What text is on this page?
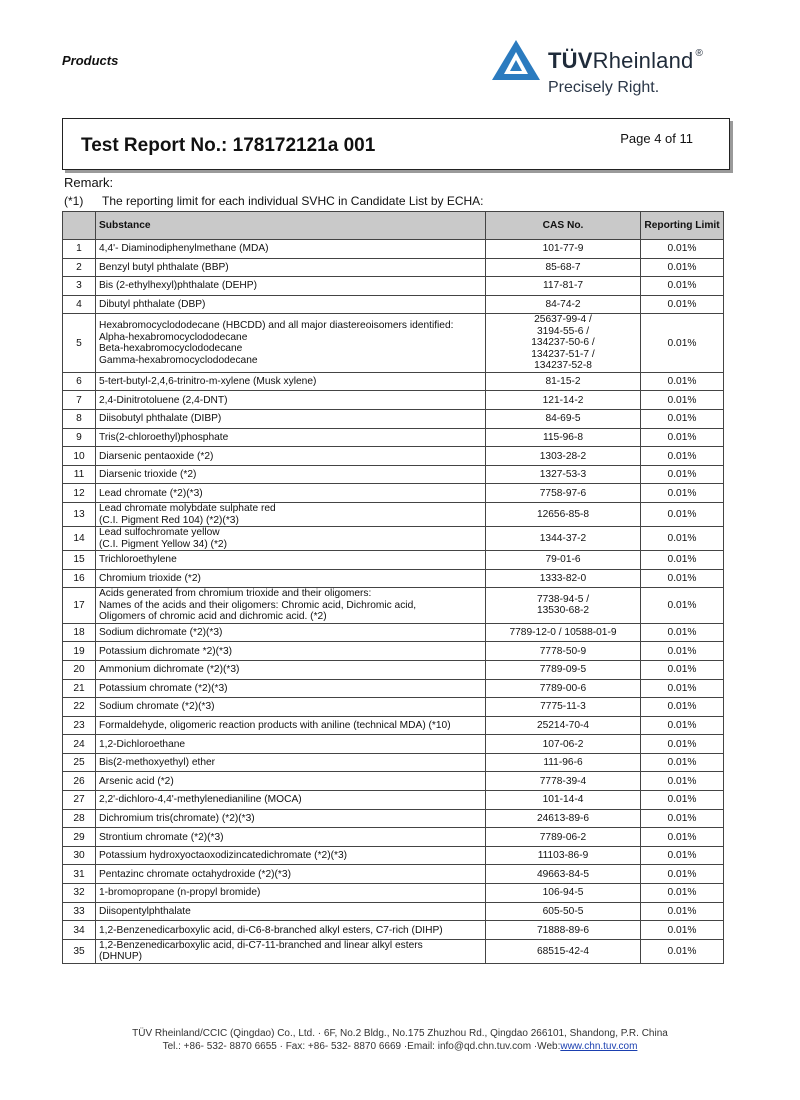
Products	TÜVRheinland ®
Precisely Right.
Test Report No.: 178172121a 001	Page 4 of 11
Remark:
(*1) The reporting limit for each individual SVHC in Candidate List by ECHA:
	Substance	CAS No.	Reporting Limit
1	4,4'- Diaminodiphenylmethane (MDA)	101-77-9	0.01%
2	Benzyl butyl phthalate (BBP)	85-68-7	0.01%
3	Bis (2-ethylhexyl)phthalate (DEHP)	117-81-7	0.01%
4	Dibutyl phthalate (DBP)	84-74-2	0.01%
5	Hexabromocyclododecane (HBCDD) and all major diastereoisomers identified:
Alpha-hexabromocyclododecane
Beta-hexabromocyclododecane
Gamma-hexabromocyclododecane	25637-99-4 /
3194-55-6 /
134237-50-6 /
134237-51-7 /
134237-52-8	0.01%
6	5-tert-butyl-2,4,6-trinitro-m-xylene (Musk xylene)	81-15-2	0.01%
7	2,4-Dinitrotoluene (2,4-DNT)	121-14-2	0.01%
8	Diisobutyl phthalate (DIBP)	84-69-5	0.01%
9	Tris(2-chloroethyl)phosphate	115-96-8	0.01%
10	Diarsenic pentaoxide (*2)	1303-28-2	0.01%
11	Diarsenic trioxide (*2)	1327-53-3	0.01%
12	Lead chromate (*2)(*3)	7758-97-6	0.01%
13	Lead chromate molybdate sulphate red
(C.I. Pigment Red 104) (*2)(*3)	12656-85-8	0.01%
14	Lead sulfochromate yellow
(C.I. Pigment Yellow 34) (*2)	1344-37-2	0.01%
15	Trichloroethylene	79-01-6	0.01%
16	Chromium trioxide (*2)	1333-82-0	0.01%
17	Acids generated from chromium trioxide and their oligomers:
Names of the acids and their oligomers: Chromic acid, Dichromic acid,
Oligomers of chromic acid and dichromic acid. (*2)	7738-94-5 /
13530-68-2	0.01%
18	Sodium dichromate (*2)(*3)	7789-12-0 / 10588-01-9	0.01%
19	Potassium dichromate *2)(*3)	7778-50-9	0.01%
20	Ammonium dichromate (*2)(*3)	7789-09-5	0.01%
21	Potassium chromate (*2)(*3)	7789-00-6	0.01%
22	Sodium chromate (*2)(*3)	7775-11-3	0.01%
23	Formaldehyde, oligomeric reaction products with aniline (technical MDA) (*10)	25214-70-4	0.01%
24	1,2-Dichloroethane	107-06-2	0.01%
25	Bis(2-methoxyethyl) ether	111-96-6	0.01%
26	Arsenic acid (*2)	7778-39-4	0.01%
27	2,2'-dichloro-4,4'-methylenedianiline (MOCA)	101-14-4	0.01%
28	Dichromium tris(chromate) (*2)(*3)	24613-89-6	0.01%
29	Strontium chromate (*2)(*3)	7789-06-2	0.01%
30	Potassium hydroxyoctaoxodizincatedichromate (*2)(*3)	11103-86-9	0.01%
31	Pentazinc chromate octahydroxide (*2)(*3)	49663-84-5	0.01%
32	1-bromopropane (n-propyl bromide)	106-94-5	0.01%
33	Diisopentylphthalate	605-50-5	0.01%
34	1,2-Benzenedicarboxylic acid, di-C6-8-branched alkyl esters, C7-rich (DIHP)	71888-89-6	0.01%
35	1,2-Benzenedicarboxylic acid, di-C7-11-branched and linear alkyl esters
(DHNUP)	68515-42-4	0.01%
TÜV Rheinland/CCIC (Qingdao) Co., Ltd. · 6F, No.2 Bldg., No.175 Zhuzhou Rd., Qingdao 266101, Shandong, P.R. China
Tel.: +86- 532- 8870 6655 · Fax: +86- 532- 8870 6669 ·Email: info@qd.chn.tuv.com ·Web:www.chn.tuv.com
